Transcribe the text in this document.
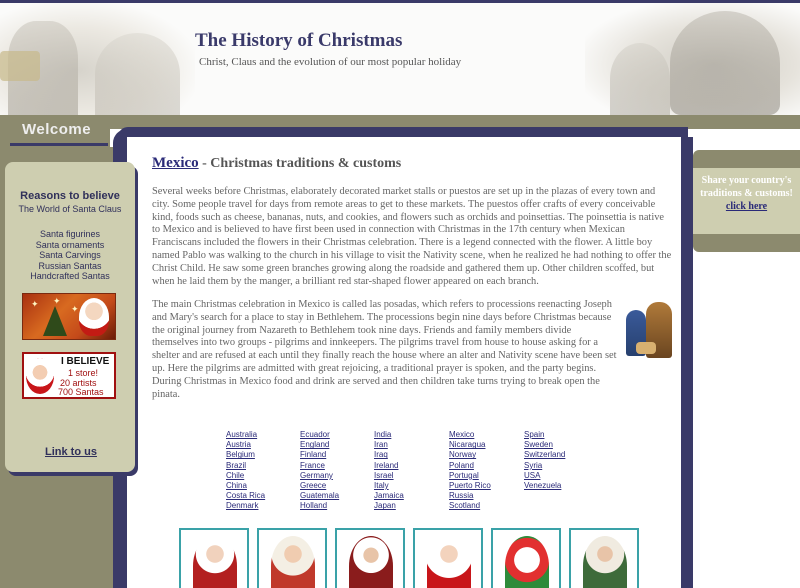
The History of Christmas
Christ, Claus and the evolution of our most popular holiday
Welcome
Reasons to believe
The World of Santa Claus
Santa figurines
Santa ornaments
Santa Carvings
Russian Santas
Handcrafted Santas
✦	✦
✦
I BELIEVE
1 store!
20 artists
700 Santas
Link to us
Mexico - Christmas traditions & customs

Several weeks before Christmas, elaborately decorated market stalls or puestos are set up in the plazas of every town and city. Some people travel for days from remote areas to get to these markets. The puestos offer crafts of every conceivable kind, foods such as cheese, bananas, nuts, and cookies, and flowers such as orchids and poinsettias. The poinsettia is native to Mexico and is believed to have first been used in connection with Christmas in the 17th century when Mexican Franciscans included the flowers in their Christmas celebration. There is a legend connected with the flower. A little boy named Pablo was walking to the church in his village to visit the Nativity scene, when he realized he had nothing to offer the Christ Child. He saw some green branches growing along the roadside and gathered them up. Other children scoffed, but when he laid them by the manger, a brilliant red star-shaped flower appeared on each branch.

The main Christmas celebration in Mexico is called las posadas, which refers to processions reenacting Joseph and Mary's search for a place to stay in Bethlehem. The processions begin nine days before Christmas because the original journey from Nazareth to Bethlehem took nine days. Friends and family members divide themselves into two groups - pilgrims and innkeepers. The pilgrims travel from house to house asking for a shelter and are refused at each until they finally reach the house where an alter and Nativity scene have been set up. Here the pilgrims are admitted with great rejoicing, a traditional prayer is spoken, and the party begins. During Christmas in Mexico food and drink are served and then children take turns trying to break open the pinata.

Australia
Austria
Belgium
Brazil
Chile
China
Costa Rica
Denmark
Ecuador
England
Finland
France
Germany
Greece
Guatemala
Holland
India
Iran
Iraq
Ireland
Israel
Italy
Jamaica
Japan
Mexico
Nicaragua
Norway
Poland
Portugal
Puerto Rico
Russia
Scotland
Spain
Sweden
Switzerland
Syria
USA
Venezuela
Share your country's traditions & customs!
click here
